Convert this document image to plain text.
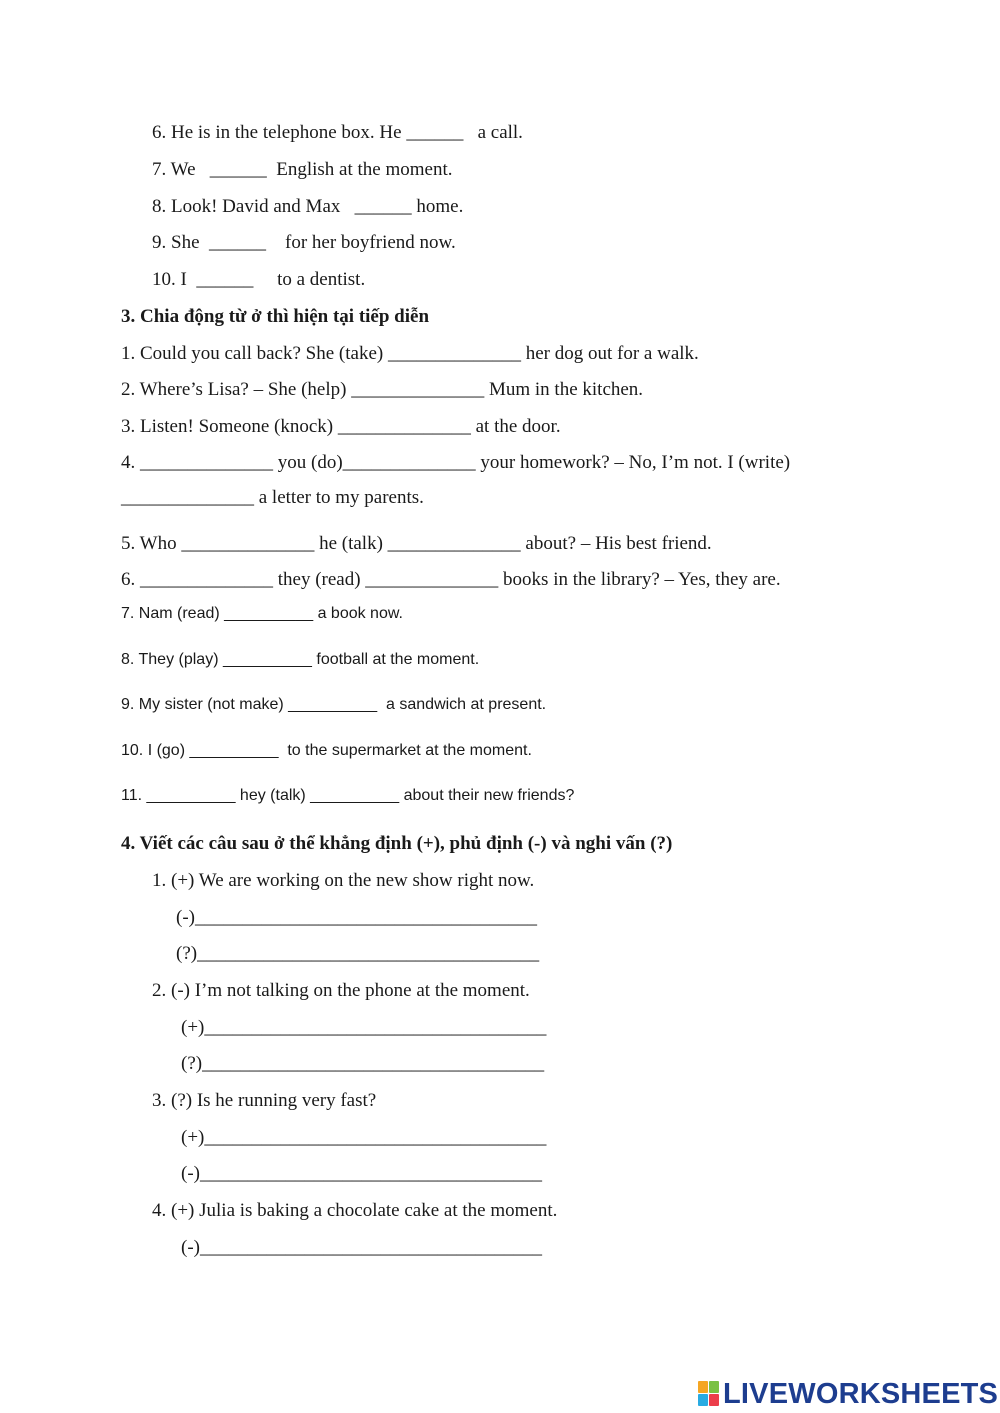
6. He is in the telephone box. He ______   a call.
7. We   ______  English at the moment.
8. Look! David and Max   ______ home.
9. She  ______    for her boyfriend now.
10. I  ______     to a dentist.
3. Chia động từ ở thì hiện tại tiếp diễn
1. Could you call back? She (take) ______________ her dog out for a walk.
2. Where’s Lisa? – She (help) ______________ Mum in the kitchen.
3. Listen! Someone (knock) ______________ at the door.
4. ______________ you (do)______________ your homework? – No, I’m not. I (write)
______________ a letter to my parents.
5. Who ______________ he (talk) ______________ about? – His best friend.
6. ______________ they (read) ______________ books in the library? – Yes, they are.
7. Nam (read) __________ a book now.
8. They (play) __________ football at the moment.
9. My sister (not make) __________  a sandwich at present.
10. I (go) __________  to the supermarket at the moment.
11. __________ hey (talk) __________ about their new friends?
4. Viết các câu sau ở thể khẳng định (+), phủ định (-) và nghi vấn (?)
1. (+) We are working on the new show right now.
(-)____________________________________
(?)____________________________________
2. (-) I’m not talking on the phone at the moment.
(+)____________________________________
(?)____________________________________
3. (?) Is he running very fast?
(+)____________________________________
(-)____________________________________
4. (+) Julia is baking a chocolate cake at the moment.
(-)____________________________________
LIVEWORKSHEETS
